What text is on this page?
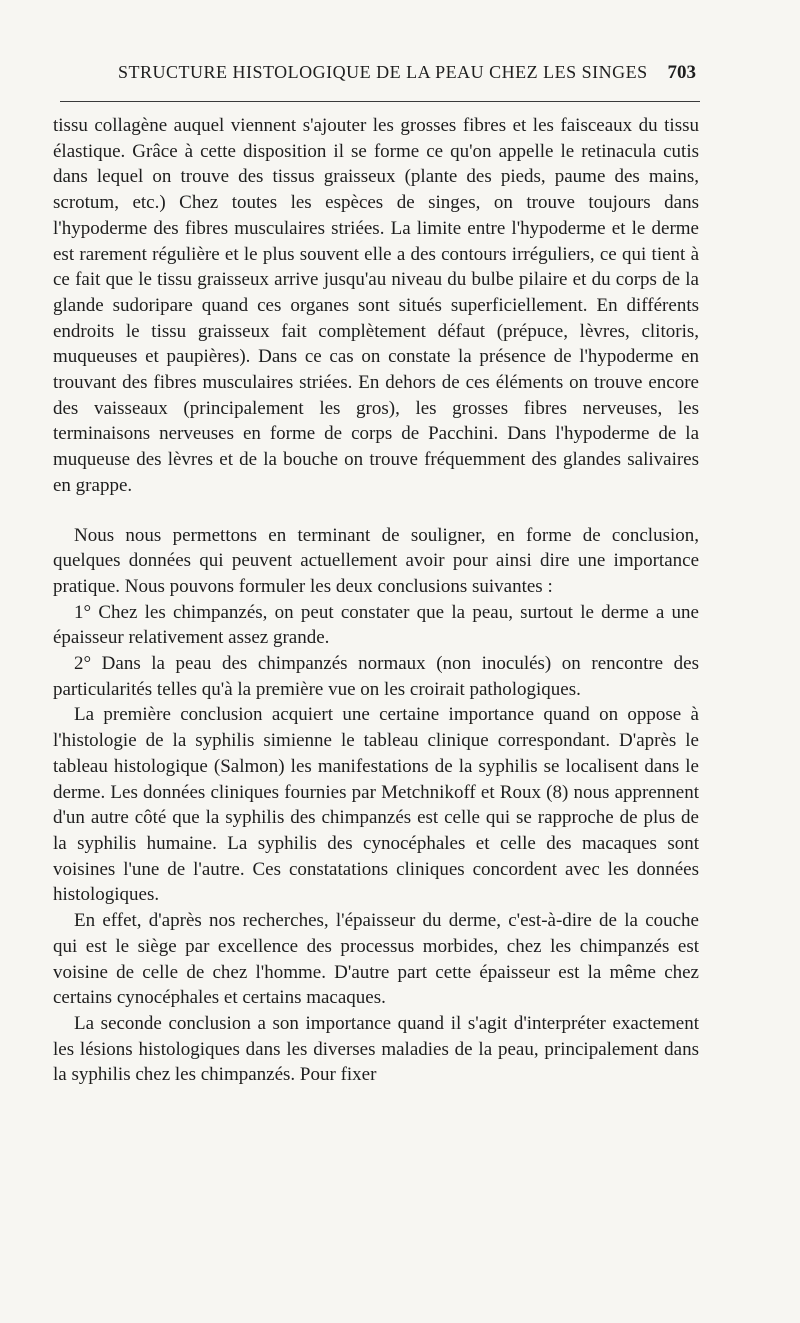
STRUCTURE HISTOLOGIQUE DE LA PEAU CHEZ LES SINGES 703

tissu collagène auquel viennent s'ajouter les grosses fibres et les faisceaux du tissu élastique. Grâce à cette disposition il se forme ce qu'on appelle le retinacula cutis dans lequel on trouve des tissus graisseux (plante des pieds, paume des mains, scrotum, etc.) Chez toutes les espèces de singes, on trouve toujours dans l'hypoderme des fibres musculaires striées. La limite entre l'hypoderme et le derme est rarement régulière et le plus souvent elle a des contours irréguliers, ce qui tient à ce fait que le tissu graisseux arrive jusqu'au niveau du bulbe pilaire et du corps de la glande sudoripare quand ces organes sont situés superficiellement. En différents endroits le tissu graisseux fait complètement défaut (prépuce, lèvres, clitoris, muqueuses et paupières). Dans ce cas on constate la présence de l'hypoderme en trouvant des fibres musculaires striées. En dehors de ces éléments on trouve encore des vaisseaux (principalement les gros), les grosses fibres nerveuses, les terminaisons nerveuses en forme de corps de Pacchini. Dans l'hypoderme de la muqueuse des lèvres et de la bouche on trouve fréquemment des glandes salivaires en grappe.

Nous nous permettons en terminant de souligner, en forme de conclusion, quelques données qui peuvent actuellement avoir pour ainsi dire une importance pratique. Nous pouvons formuler les deux conclusions suivantes :

1° Chez les chimpanzés, on peut constater que la peau, surtout le derme a une épaisseur relativement assez grande.

2° Dans la peau des chimpanzés normaux (non inoculés) on rencontre des particularités telles qu'à la première vue on les croirait pathologiques.

La première conclusion acquiert une certaine importance quand on oppose à l'histologie de la syphilis simienne le tableau clinique correspondant. D'après le tableau histologique (Salmon) les manifestations de la syphilis se localisent dans le derme. Les données cliniques fournies par Metchnikoff et Roux (8) nous apprennent d'un autre côté que la syphilis des chimpanzés est celle qui se rapproche de plus de la syphilis humaine. La syphilis des cynocéphales et celle des macaques sont voisines l'une de l'autre. Ces constatations cliniques concordent avec les données histologiques.

En effet, d'après nos recherches, l'épaisseur du derme, c'est-à-dire de la couche qui est le siège par excellence des processus morbides, chez les chimpanzés est voisine de celle de chez l'homme. D'autre part cette épaisseur est la même chez certains cynocéphales et certains macaques.

La seconde conclusion a son importance quand il s'agit d'interpréter exactement les lésions histologiques dans les diverses maladies de la peau, principalement dans la syphilis chez les chimpanzés. Pour fixer
